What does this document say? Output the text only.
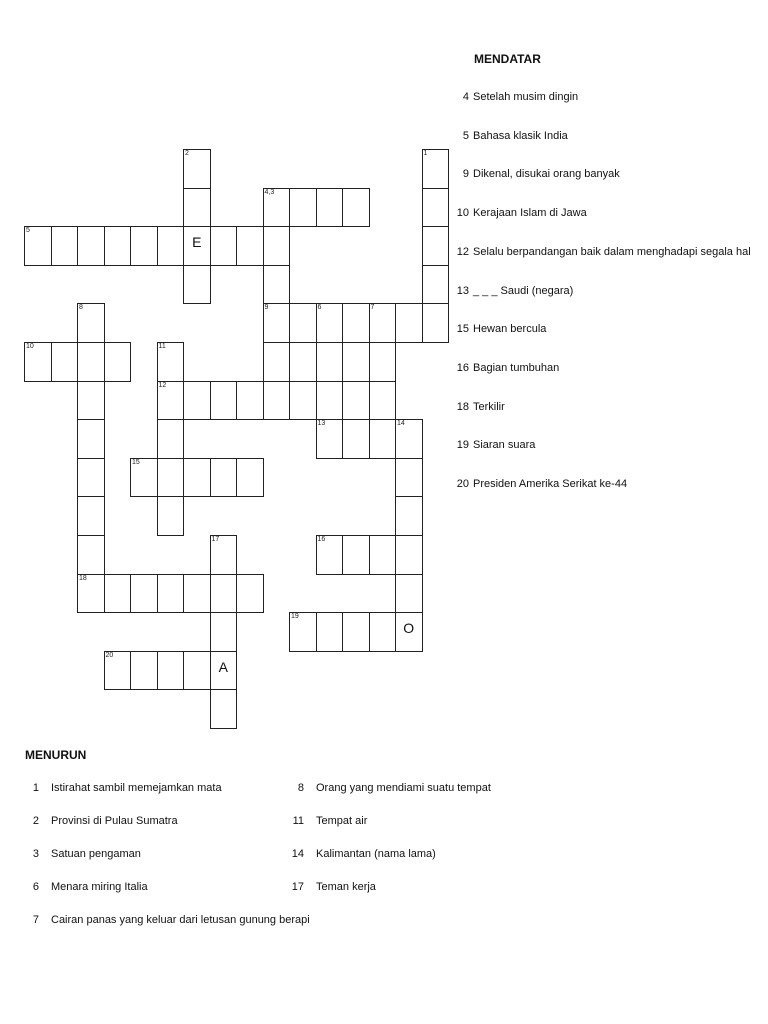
4,3
5
E
9	6	7
10
12
13
15
16
18
19
O
20
A
1
2
8
11
14
17
MENDATAR
4 Setelah musim dingin
5 Bahasa klasik India
9 Dikenal, disukai orang banyak
10 Kerajaan Islam di Jawa
12 Selalu berpandangan baik dalam menghadapi segala hal
13 _ _ _ Saudi (negara)
15 Hewan bercula
16 Bagian tumbuhan
18 Terkilir
19 Siaran suara
20 Presiden Amerika Serikat ke-44
MENURUN
1 Istirahat sambil memejamkan mata
2 Provinsi di Pulau Sumatra
3 Satuan pengaman
6 Menara miring Italia
7 Cairan panas yang keluar dari letusan gunung berapi
8 Orang yang mendiami suatu tempat
11 Tempat air
14 Kalimantan (nama lama)
17 Teman kerja
